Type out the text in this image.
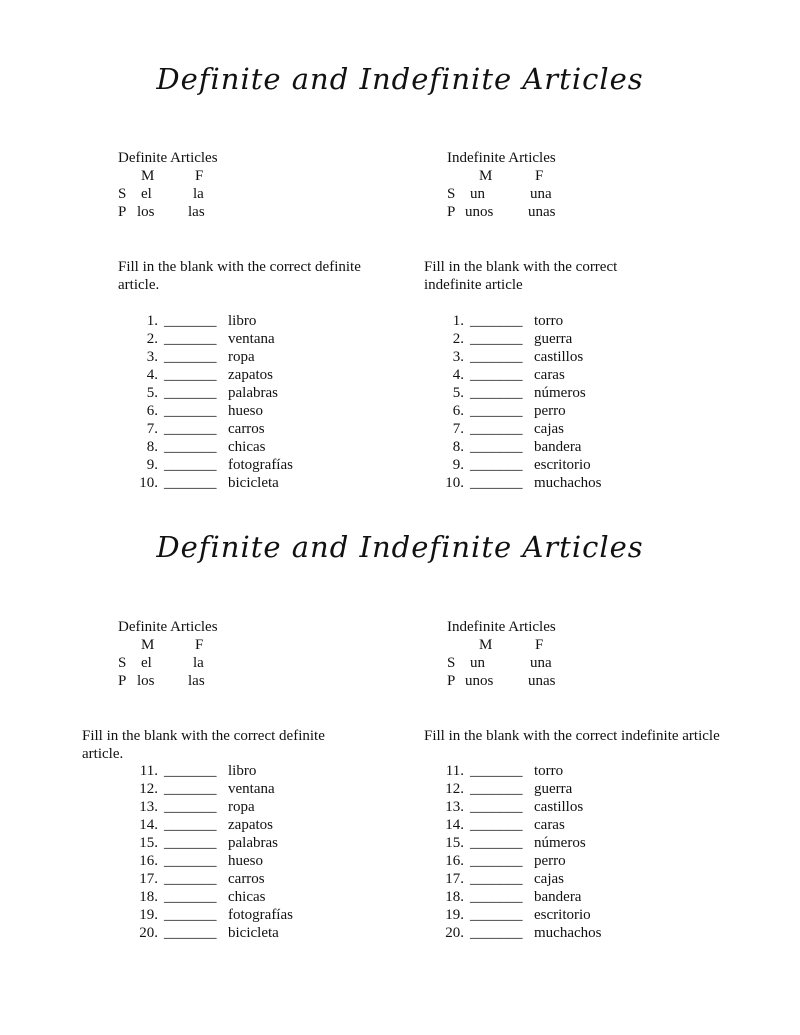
Definite and Indefinite Articles
Definite Articles
M	F
S el	la
P los las
Indefinite Articles
M	F
S un	una
P unos unas
Fill in the blank with the correct definite article.
Fill in the blank with the correct indefinite article
1. _______ libro
2. _______ ventana
3. _______ ropa
4. _______ zapatos
5. _______ palabras
6. _______ hueso
7. _______ carros
8. _______ chicas
9. _______ fotografías
10. _______ bicicleta
1. _______ torro
2. _______ guerra
3. _______ castillos
4. _______ caras
5. _______ números
6. _______ perro
7. _______ cajas
8. _______ bandera
9. _______ escritorio
10. _______ muchachos
Definite and Indefinite Articles
Definite Articles
M	F
S el	la
P los las
Indefinite Articles
M	F
S un	una
P unos unas
Fill in the blank with the correct definite article.
Fill in the blank with the correct indefinite article
11. _______ libro
12. _______ ventana
13. _______ ropa
14. _______ zapatos
15. _______ palabras
16. _______ hueso
17. _______ carros
18. _______ chicas
19. _______ fotografías
20. _______ bicicleta
11. _______ torro
12. _______ guerra
13. _______ castillos
14. _______ caras
15. _______ números
16. _______ perro
17. _______ cajas
18. _______ bandera
19. _______ escritorio
20. _______ muchachos
